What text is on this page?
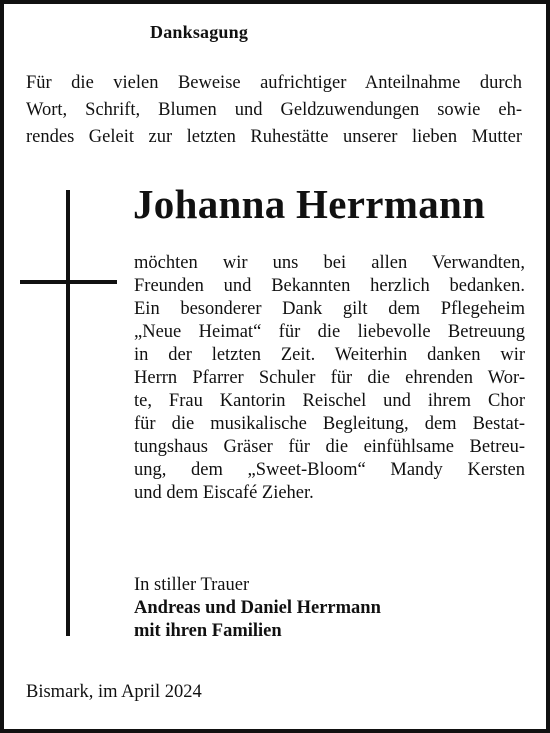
Danksagung
Für die vielen Beweise aufrichtiger Anteilnahme durch
Wort, Schrift, Blumen und Geldzuwendungen sowie eh-
rendes Geleit zur letzten Ruhestätte unserer lieben Mutter
Johanna Herrmann
möchten wir uns bei allen Verwandten,
Freunden und Bekannten herzlich bedanken.
Ein besonderer Dank gilt dem Pflegeheim
„Neue Heimat“ für die liebevolle Betreuung
in der letzten Zeit. Weiterhin danken wir
Herrn Pfarrer Schuler für die ehrenden Wor-
te, Frau Kantorin Reischel und ihrem Chor
für die musikalische Begleitung, dem Bestat-
tungshaus Gräser für die einfühlsame Betreu-
ung, dem „Sweet-Bloom“ Mandy Kersten
und dem Eiscafé Zieher.
In stiller Trauer
Andreas und Daniel Herrmann
mit ihren Familien
Bismark, im April 2024
